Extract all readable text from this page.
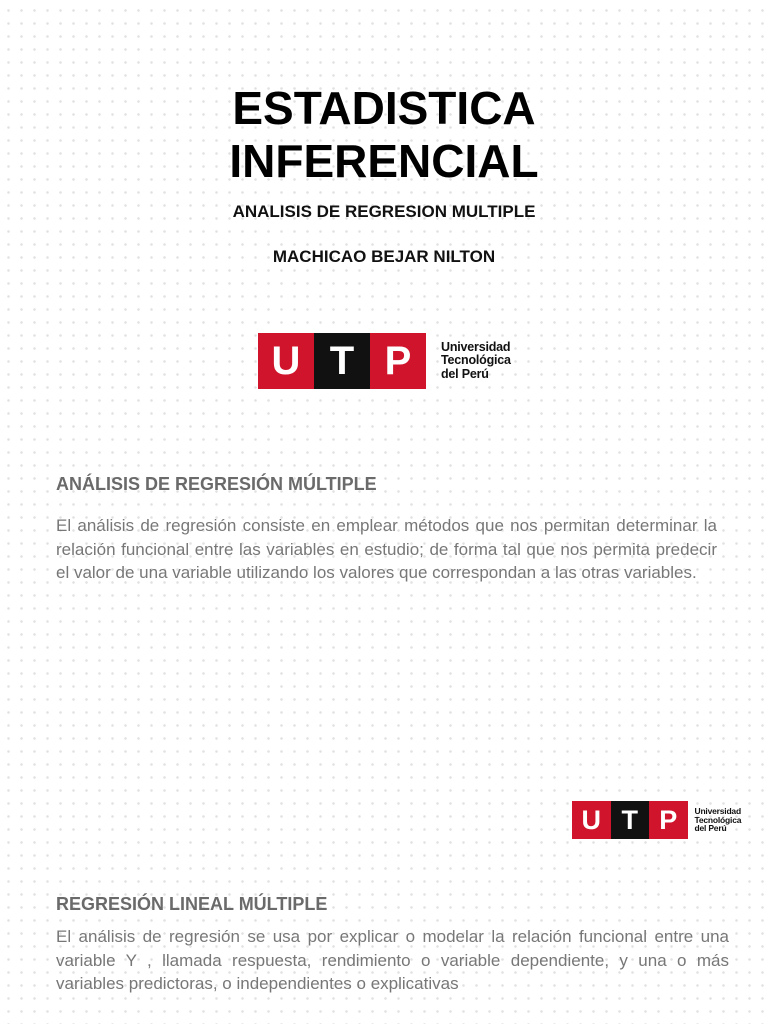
ESTADISTICA
INFERENCIAL
ANALISIS DE REGRESION MULTIPLE
MACHICAO BEJAR NILTON
U T P	Universidad
Tecnológica
del Perú
ANÁLISIS DE REGRESIÓN MÚLTIPLE

El análisis de regresión consiste en emplear métodos que nos permitan determinar la relación funcional entre las variables en estudio; de forma tal que nos permita predecir el valor de una variable utilizando los valores que correspondan a las otras variables.

U T P	Universidad
Tecnológica
del Perú
REGRESIÓN LINEAL MÚLTIPLE

El análisis de regresión se usa por explicar o modelar la relación funcional entre una variable Y , llamada respuesta, rendimiento o variable dependiente, y una o más variables predictoras, o independientes o explicativas
